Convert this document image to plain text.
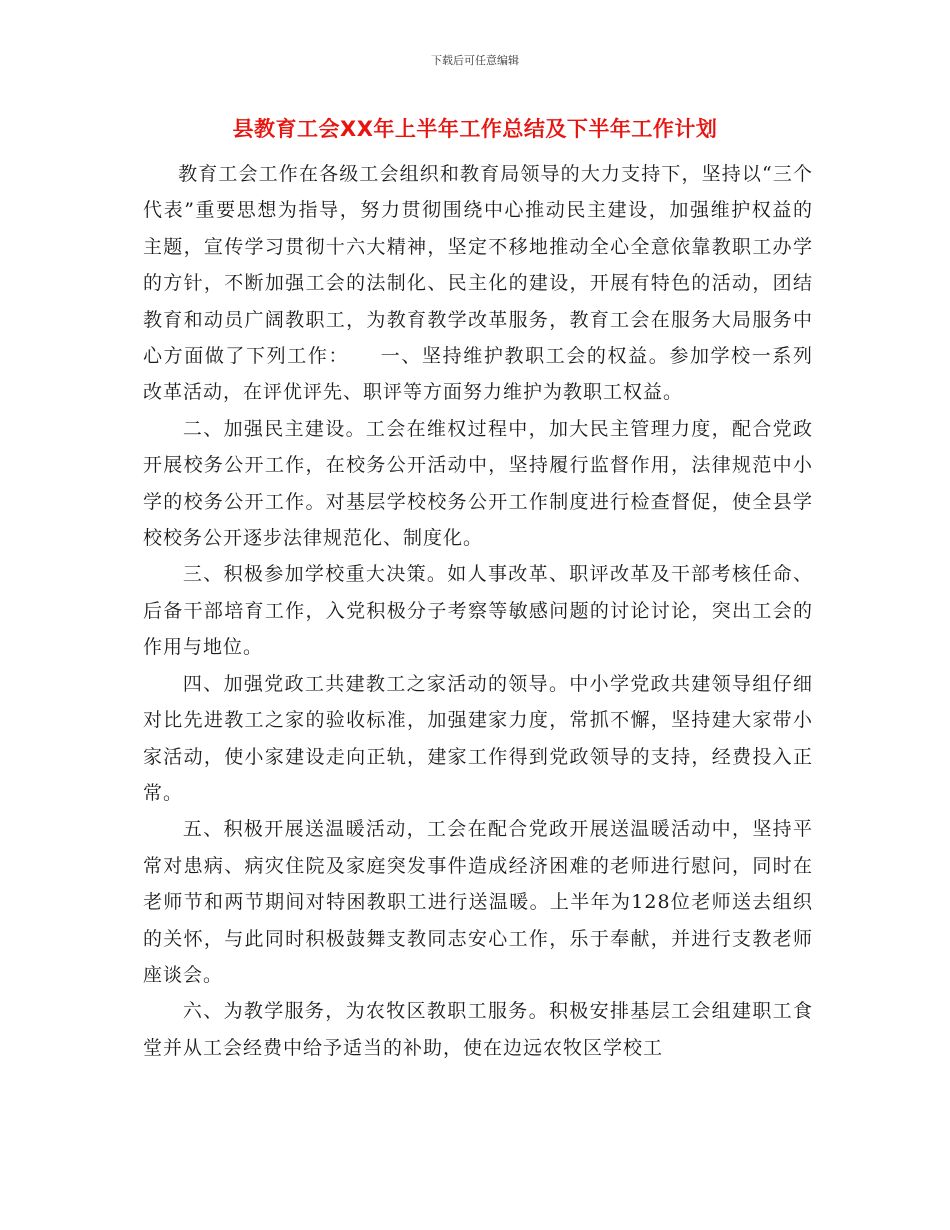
下载后可任意编辑
县教育工会XX年上半年工作总结及下半年工作计划

教育工会工作在各级工会组织和教育局领导的大力支持下，坚持以“三个代表”重要思想为指导，努力贯彻围绕中心推动民主建设，加强维护权益的主题，宣传学习贯彻十六大精神，坚定不移地推动全心全意依靠教职工办学的方针，不断加强工会的法制化、民主化的建设，开展有特色的活动，团结教育和动员广阔教职工，为教育教学改革服务，教育工会在服务大局服务中心方面做了下列工作：　　一、坚持维护教职工会的权益。参加学校一系列改革活动，在评优评先、职评等方面努力维护为教职工权益。

二、加强民主建设。工会在维权过程中，加大民主管理力度，配合党政开展校务公开工作，在校务公开活动中，坚持履行监督作用，法律规范中小学的校务公开工作。对基层学校校务公开工作制度进行检查督促，使全县学校校务公开逐步法律规范化、制度化。

三、积极参加学校重大决策。如人事改革、职评改革及干部考核任命、后备干部培育工作，入党积极分子考察等敏感问题的讨论讨论，突出工会的作用与地位。

四、加强党政工共建教工之家活动的领导。中小学党政共建领导组仔细对比先进教工之家的验收标准，加强建家力度，常抓不懈，坚持建大家带小家活动，使小家建设走向正轨，建家工作得到党政领导的支持，经费投入正常。

五、积极开展送温暖活动，工会在配合党政开展送温暖活动中，坚持平常对患病、病灾住院及家庭突发事件造成经济困难的老师进行慰问，同时在老师节和两节期间对特困教职工进行送温暖。上半年为128位老师送去组织的关怀，与此同时积极鼓舞支教同志安心工作，乐于奉献，并进行支教老师座谈会。

六、为教学服务，为农牧区教职工服务。积极安排基层工会组建职工食堂并从工会经费中给予适当的补助，使在边远农牧区学校工
